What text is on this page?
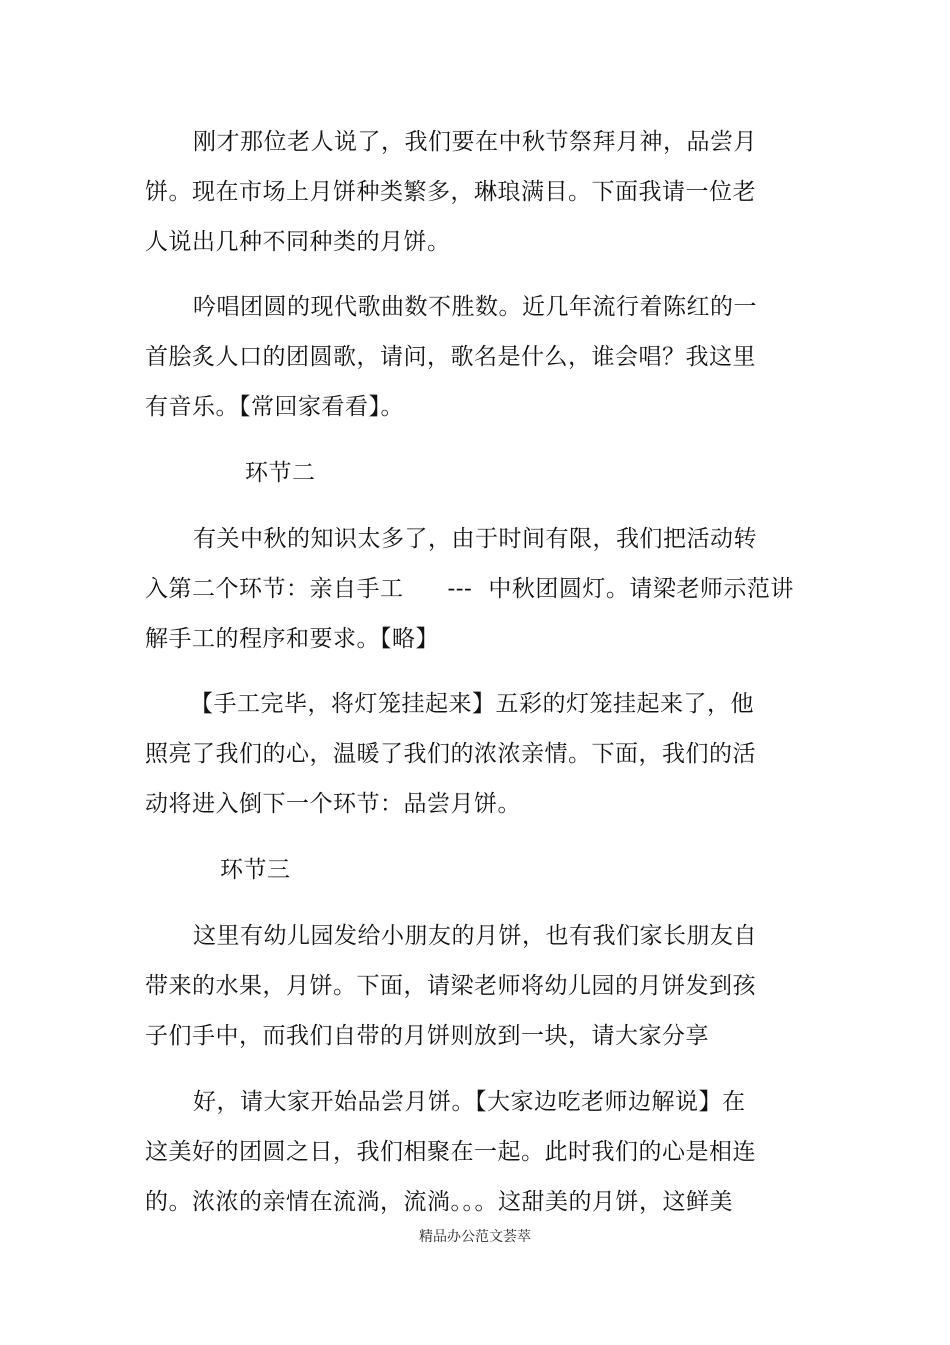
刚才那位老人说了，我们要在中秋节祭拜月神，品尝月
饼。现在市场上月饼种类繁多，琳琅满目。下面我请一位老
人说出几种不同种类的月饼。
吟唱团圆的现代歌曲数不胜数。近几年流行着陈红的一
首脍炙人口的团圆歌，请问，歌名是什么，谁会唱？我这里
有音乐。【常回家看看】。
环节二
有关中秋的知识太多了，由于时间有限，我们把活动转
入第二个环节：亲自手工 --- 中秋团圆灯。请梁老师示范讲
解手工的程序和要求。【略】
【手工完毕，将灯笼挂起来】五彩的灯笼挂起来了，他
照亮了我们的心，温暖了我们的浓浓亲情。下面，我们的活
动将进入倒下一个环节：品尝月饼。
环节三
这里有幼儿园发给小朋友的月饼，也有我们家长朋友自
带来的水果，月饼。下面，请梁老师将幼儿园的月饼发到孩
子们手中，而我们自带的月饼则放到一块，请大家分享
好，请大家开始品尝月饼。【大家边吃老师边解说】在
这美好的团圆之日，我们相聚在一起。此时我们的心是相连
的。浓浓的亲情在流淌，流淌。。。这甜美的月饼，这鲜美
精品办公范文荟萃
